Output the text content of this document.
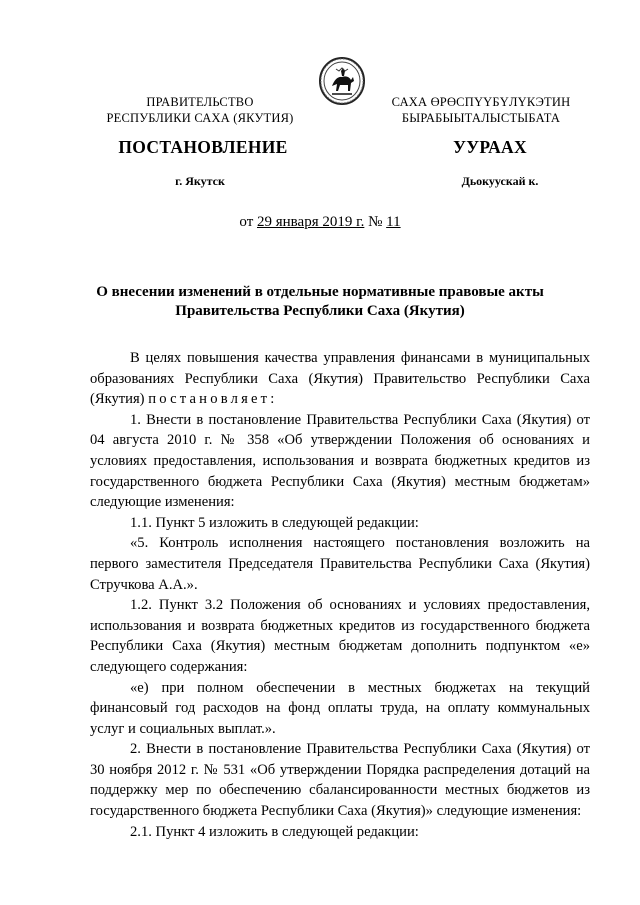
ПРАВИТЕЛЬСТВО
РЕСПУБЛИКИ САХА (ЯКУТИЯ)
САХА ӨРӨСПҮҮБҮЛҮКЭТИН
БЫРАБЫЫТАЛЫСТЫБАТА
ПОСТАНОВЛЕНИЕ	УУРААХ
г. Якутск	Дьокуускай к.
от 29 января 2019 г. № 11
О внесении изменений в отдельные нормативные правовые акты
Правительства Республики Саха (Якутия)

В целях повышения качества управления финансами в муниципальных образованиях Республики Саха (Якутия) Правительство Республики Саха (Якутия) постановляет:

1. Внести в постановление Правительства Республики Саха (Якутия) от 04 августа 2010 г. № 358 «Об утверждении Положения об основаниях и условиях предоставления, использования и возврата бюджетных кредитов из государственного бюджета Республики Саха (Якутия) местным бюджетам» следующие изменения:

1.1. Пункт 5 изложить в следующей редакции:

«5. Контроль исполнения настоящего постановления возложить на первого заместителя Председателя Правительства Республики Саха (Якутия) Стручкова А.А.».

1.2. Пункт 3.2 Положения об основаниях и условиях предоставления, использования и возврата бюджетных кредитов из государственного бюджета Республики Саха (Якутия) местным бюджетам дополнить подпунктом «е» следующего содержания:

«е) при полном обеспечении в местных бюджетах на текущий финансовый год расходов на фонд оплаты труда, на оплату коммунальных услуг и социальных выплат.».

2. Внести в постановление Правительства Республики Саха (Якутия) от 30 ноября 2012 г. № 531 «Об утверждении Порядка распределения дотаций на поддержку мер по обеспечению сбалансированности местных бюджетов из государственного бюджета Республики Саха (Якутия)» следующие изменения:

2.1. Пункт 4 изложить в следующей редакции:
